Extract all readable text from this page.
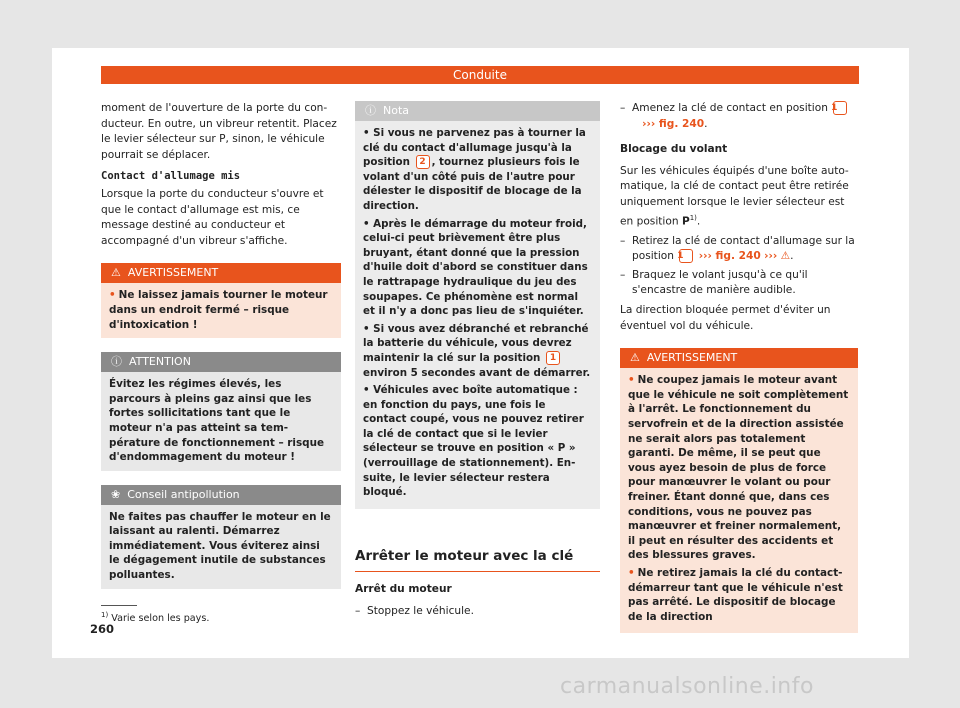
Conduite

moment de l'ouverture de la porte du conducteur. En outre, un vibreur retentit. Placez le levier sélecteur sur P, sinon, le véhicule pourrait se déplacer.

Contact d'allumage mis

Lorsque la porte du conducteur s'ouvre et que le contact d'allumage est mis, ce message destiné au conducteur et accompagné d'un vibreur s'affiche.

⚠ AVERTISSEMENT
• Ne laissez jamais tourner le moteur dans un endroit fermé – risque d'intoxication !
ⓘ ATTENTION
Évitez les régimes élevés, les parcours à pleins gaz ainsi que les fortes sollicitations tant que le moteur n'a pas atteint sa température de fonctionnement – risque d'endommagement du moteur !
❀ Conseil antipollution
Ne faites pas chauffer le moteur en le laissant au ralenti. Démarrez immédiatement. Vous éviterez ainsi le dégagement inutile de substances polluantes.
ⓘ Nota
• Si vous ne parvenez pas à tourner la clé du contact d'allumage jusqu'à la position 2 , tournez plusieurs fois le volant d'un côté puis de l'autre pour délester le dispositif de blocage de la direction.
• Après le démarrage du moteur froid, celui-ci peut brièvement être plus bruyant, étant donné que la pression d'huile doit d'abord se constituer dans le rattrapage hydraulique du jeu des soupapes. Ce phénomène est normal et il n'y a donc pas lieu de s'inquiéter.
• Si vous avez débranché et rebranché la batterie du véhicule, vous devrez maintenir la clé sur la position 1 environ 5 secondes avant de démarrer.
• Véhicules avec boîte automatique : en fonction du pays, une fois le contact coupé, vous ne pouvez retirer la clé de contact que si le levier sélecteur se trouve en position « P » (verrouillage de stationnement). Ensuite, le levier sélecteur restera bloqué.
Arrêter le moteur avec la clé
Arrêt du moteur
–  Stoppez le véhicule.
–  Amenez la clé de contact en position 1
››› fig. 240.
Blocage du volant

Sur les véhicules équipés d'une boîte automatique, la clé de contact peut être retirée uniquement lorsque le levier sélecteur est en position $P^{1)}$.

–  Retirez la clé de contact d'allumage sur la position 1 ››› fig. 240 ››› ⚠.
–  Braquez le volant jusqu'à ce qu'il s'encastre de manière audible.

La direction bloquée permet d'éviter un éventuel vol du véhicule.

⚠ AVERTISSEMENT
• Ne coupez jamais le moteur avant que le véhicule ne soit complètement à l'arrêt. Le fonctionnement du servofrein et de la direction assistée ne serait alors pas totalement garanti. De même, il se peut que vous ayez besoin de plus de force pour manœuvrer le volant ou pour freiner. Étant donné que, dans ces conditions, vous ne pouvez pas manœuvrer et freiner normalement, il peut en résulter des accidents et des blessures graves.
• Ne retirez jamais la clé du contact-démarreur tant que le véhicule n'est pas arrêté. Le dispositif de blocage de la direction
$^{1)}$ Varie selon les pays.
260
carmanualsonline.info
